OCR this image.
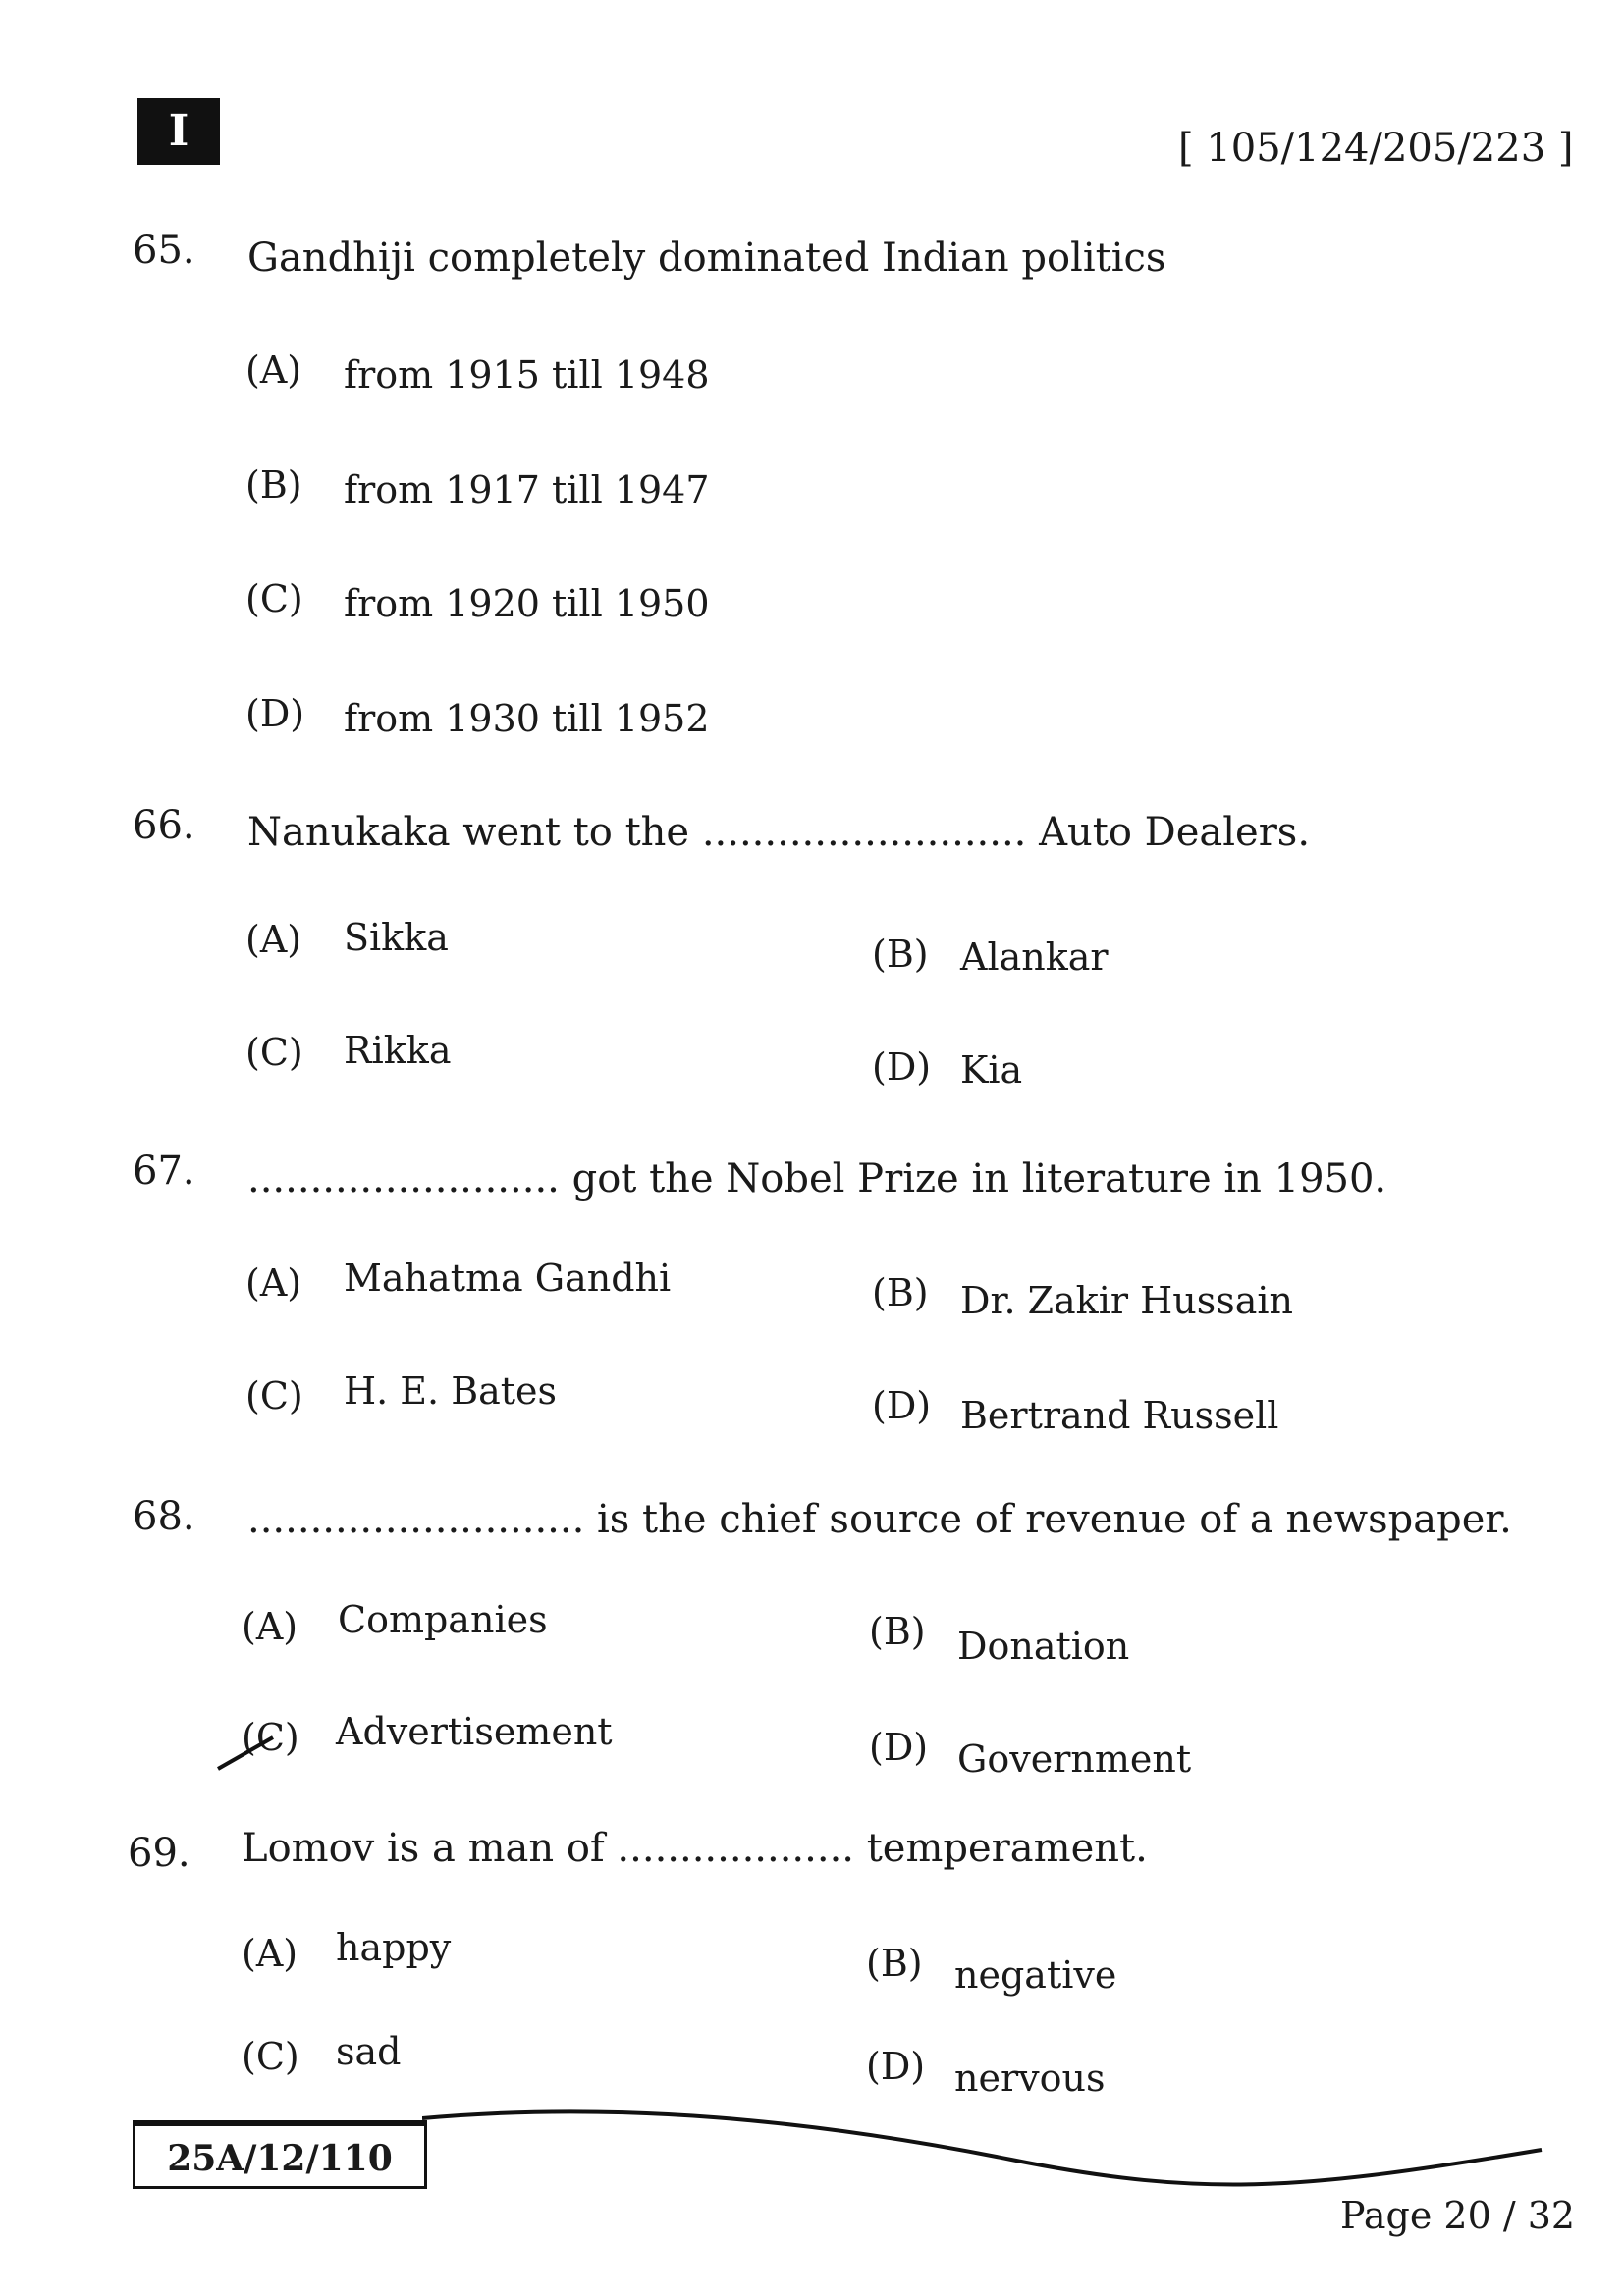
I	[ 105/124/205/223 ]
65. Gandhiji completely dominated Indian politics
(A) from 1915 till 1948
(B) from 1917 till 1947
(C) from 1920 till 1950
(D) from 1930 till 1952
66. Nanukaka went to the .......................... Auto Dealers.
(A) Sikka	(B) Alankar
(C) Rikka	(D) Kia
67. ......................... got the Nobel Prize in literature in 1950.
(A) Mahatma Gandhi	(B) Dr. Zakir Hussain
(C) H. E. Bates	(D) Bertrand Russell
68. ........................... is the chief source of revenue of a newspaper.
(A) Companies	(B) Donation
(C) Advertisement	(D) Government
69. Lomov is a man of ................... temperament.
(A) happy	(B) negative
(C) sad	(D) nervous
25A/12/110
Page 20 / 32
